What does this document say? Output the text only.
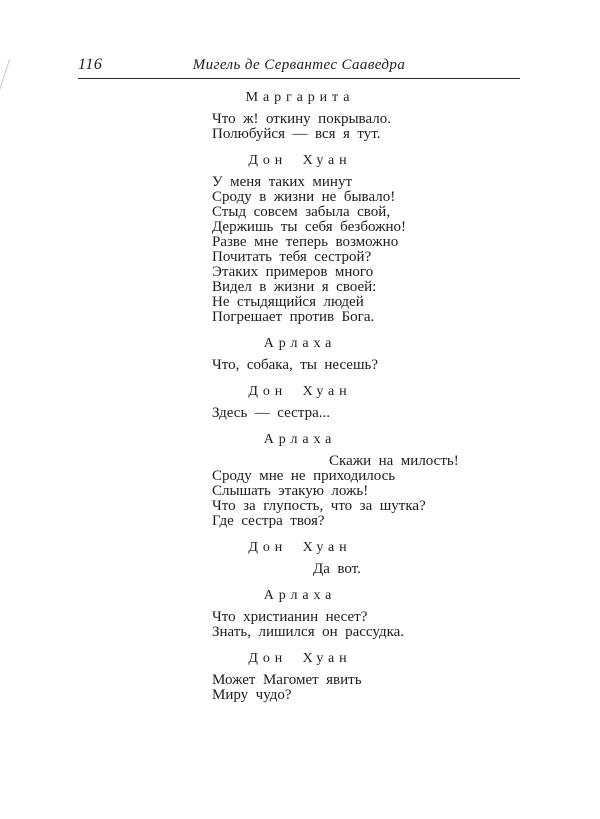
116	Мигель де Сервантес Сааведра
Маргарита
Что ж! откину покрывало.
Полюбуйся — вся я тут.
Дон Хуан
У меня таких минут
Сроду в жизни не бывало!
Стыд совсем забыла свой,
Держишь ты себя безбожно!
Разве мне теперь возможно
Почитать тебя сестрой?
Этаких примеров много
Видел в жизни я своей:
Не стыдящийся людей
Погрешает против Бога.
Арлаха
Что, собака, ты несешь?
Дон Хуан
Здесь — сестра...
Арлаха
Скажи на милость!
Сроду мне не приходилось
Слышать этакую ложь!
Что за глупость, что за шутка?
Где сестра твоя?
Дон Хуан
Да вот.
Арлаха
Что христианин несет?
Знать, лишился он рассудка.
Дон Хуан
Может Магомет явить
Миру чудо?
